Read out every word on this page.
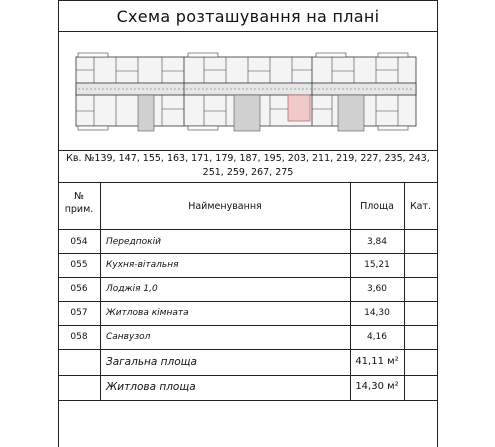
Схема розташування на плані
Кв. №139, 147, 155, 163, 171, 179, 187, 195, 203, 211, 219, 227, 235, 243,
251, 259, 267, 275
№
прим.	Найменування	Площа	Кат.
054	Передпокій	3,84
055	Кухня-вітальня	15,21
056	Лоджія 1,0	3,60
057	Житлова кімната	14,30
058	Санвузол	4,16
Загальна площа	41,11 м²
Житлова площа	14,30 м²
